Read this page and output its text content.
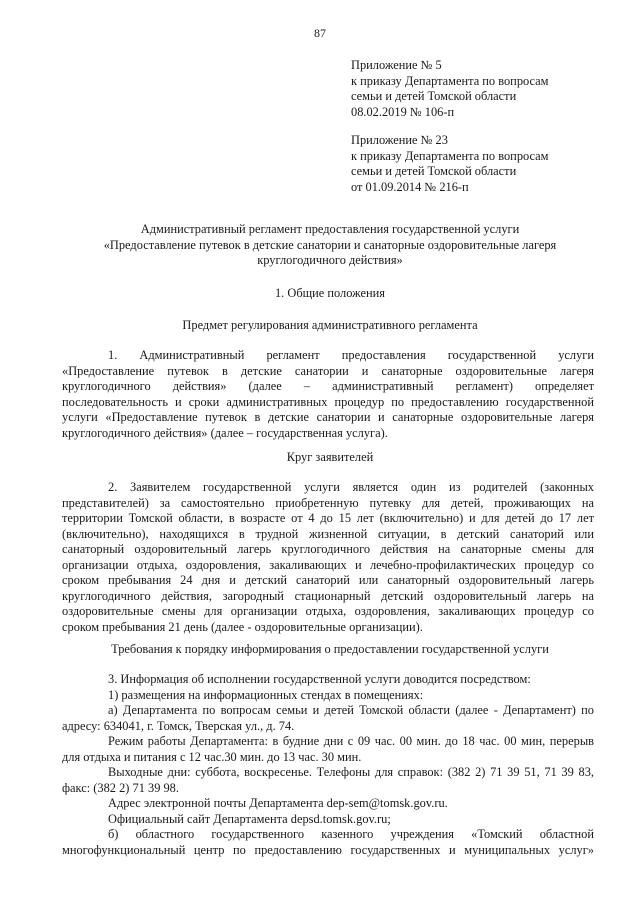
87
Приложение № 5
к приказу Департамента по вопросам
семьи и детей Томской области
08.02.2019 № 106-п
Приложение № 23
к приказу Департамента по вопросам
семьи и детей Томской области
от 01.09.2014 № 216-п
Административный регламент предоставления государственной услуги
«Предоставление путевок в детские санатории и санаторные оздоровительные лагеря
круглогодичного действия»
1. Общие положения
Предмет регулирования административного регламента
1. Административный регламент предоставления государственной услуги
«Предоставление путевок в детские санатории и санаторные оздоровительные лагеря
круглогодичного действия» (далее – административный регламент) определяет
последовательность и сроки административных процедур по предоставлению государственной
услуги «Предоставление путевок в детские санатории и санаторные оздоровительные лагеря
круглогодичного действия» (далее – государственная услуга).
Круг заявителей
2. Заявителем государственной услуги является один из родителей (законных
представителей) за самостоятельно приобретенную путевку для детей, проживающих на
территории Томской области, в возрасте от 4 до 15 лет (включительно) и для детей до 17 лет
(включительно), находящихся в трудной жизненной ситуации, в детский санаторий или
санаторный оздоровительный лагерь круглогодичного действия на санаторные смены для
организации отдыха, оздоровления, закаливающих и лечебно-профилактических процедур со
сроком пребывания 24 дня и детский санаторий или санаторный оздоровительный лагерь
круглогодичного действия, загородный стационарный детский оздоровительный лагерь на
оздоровительные смены для организации отдыха, оздоровления, закаливающих процедур со
сроком пребывания 21 день (далее - оздоровительные организации).
Требования к порядку информирования о предоставлении государственной услуги
3. Информация об исполнении государственной услуги доводится посредством:
1) размещения на информационных стендах в помещениях:
а) Департамента по вопросам семьи и детей Томской области (далее - Департамент) по
адресу: 634041, г. Томск, Тверская ул., д. 74.
Режим работы Департамента: в будние дни с 09 час. 00 мин. до 18 час. 00 мин, перерыв
для отдыха и питания с 12 час.30 мин. до 13 час. 30 мин.
Выходные дни: суббота, воскресенье. Телефоны для справок: (382 2) 71 39 51, 71 39 83,
факс: (382 2) 71 39 98.
Адрес электронной почты Департамента dep-sem@tomsk.gov.ru.
Официальный сайт Департамента depsd.tomsk.gov.ru;
б) областного государственного казенного учреждения «Томский областной
многофункциональный центр по предоставлению государственных и муниципальных услуг»
